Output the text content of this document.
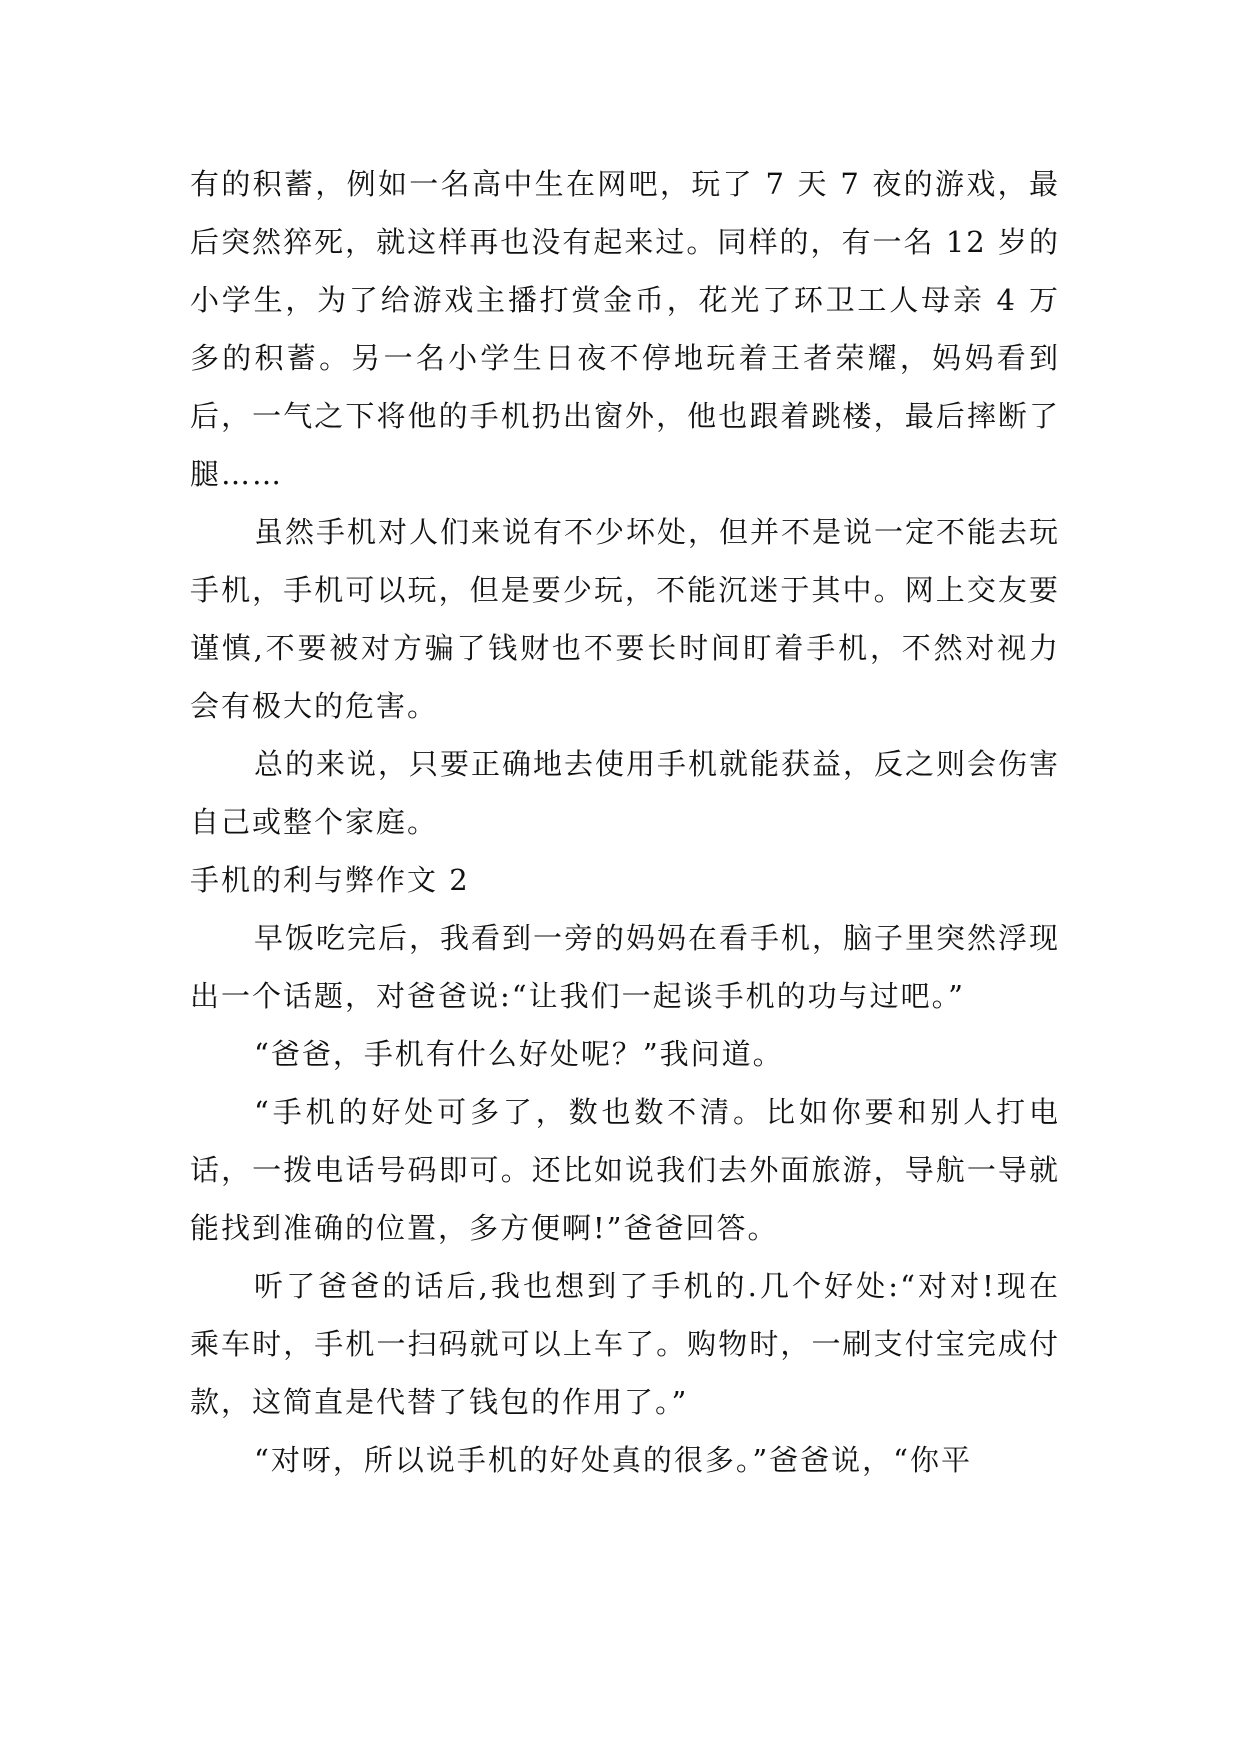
有的积蓄，例如一名高中生在网吧，玩了 7 天 7 夜的游戏，最后突然猝死，就这样再也没有起来过。同样的，有一名 12 岁的小学生，为了给游戏主播打赏金币，花光了环卫工人母亲 4 万多的积蓄。另一名小学生日夜不停地玩着王者荣耀，妈妈看到后，一气之下将他的手机扔出窗外，他也跟着跳楼，最后摔断了腿……

虽然手机对人们来说有不少坏处，但并不是说一定不能去玩手机，手机可以玩，但是要少玩，不能沉迷于其中。网上交友要谨慎,不要被对方骗了钱财也不要长时间盯着手机，不然对视力会有极大的危害。

总的来说，只要正确地去使用手机就能获益，反之则会伤害自己或整个家庭。

手机的利与弊作文 2

早饭吃完后，我看到一旁的妈妈在看手机，脑子里突然浮现出一个话题，对爸爸说:“让我们一起谈手机的功与过吧。”

“爸爸，手机有什么好处呢？”我问道。

“手机的好处可多了，数也数不清。比如你要和别人打电话，一拨电话号码即可。还比如说我们去外面旅游，导航一导就能找到准确的位置，多方便啊!”爸爸回答。

听了爸爸的话后,我也想到了手机的.几个好处:“对对!现在乘车时，手机一扫码就可以上车了。购物时，一刷支付宝完成付款，这简直是代替了钱包的作用了。”

“对呀，所以说手机的好处真的很多。”爸爸说，“你平
